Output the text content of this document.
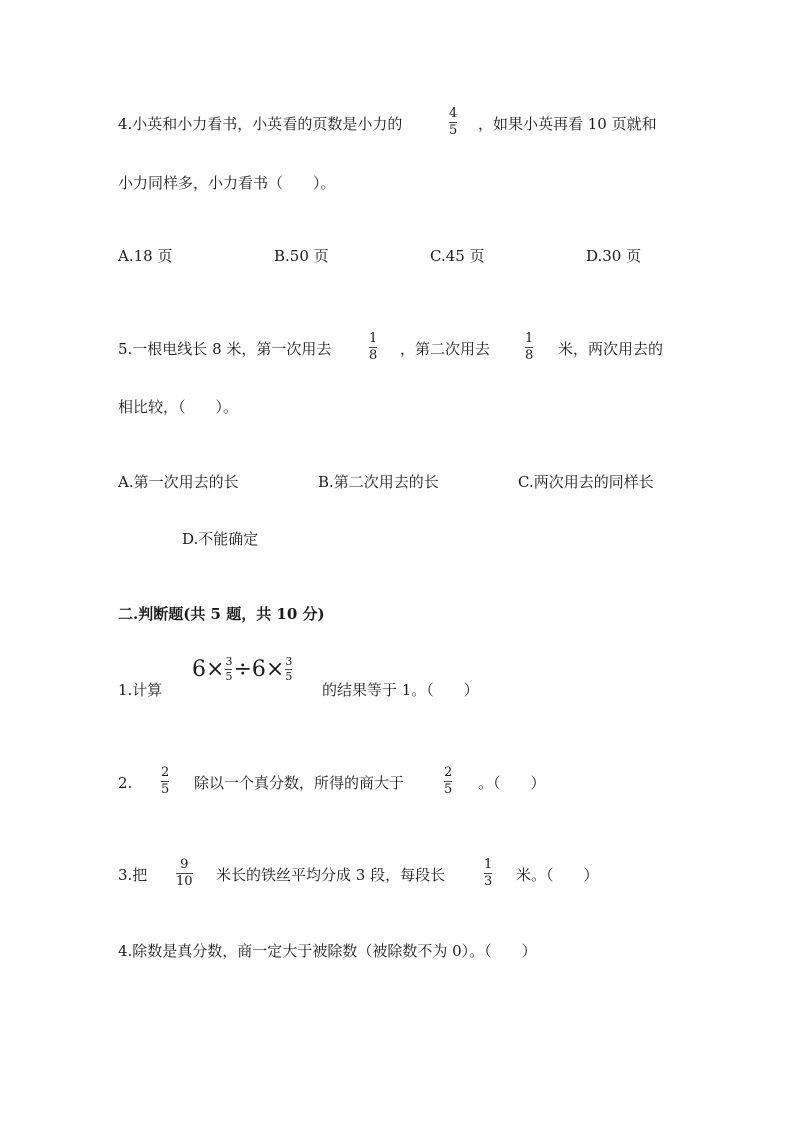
4.小英和小力看书，小英看的页数是小力的
4
5 ，如果小英再看 10 页就和
小力同样多，小力看书（　　）。
A.18 页	B.50 页	C.45 页	D.30 页
5.一根电线长 8 米，第一次用去
1
8 ，第二次用去
1
8 米，两次用去的
相比较，（　　）。
A.第一次用去的长	B.第二次用去的长	C.两次用去的同样长
D.不能确定
二.判断题(共 5 题，共 10 分)
1.计算
$6\times \frac{3}{5} \div 6\times \frac{3}{5}$
的结果等于 1。（　　）
2.
2
5 除以一个真分数，所得的商大于
2
5 。（　　）
3.把
9
10 米长的铁丝平均分成 3 段，每段长
1
3 米。（　　）
4.除数是真分数，商一定大于被除数（被除数不为 0）。（　　）
